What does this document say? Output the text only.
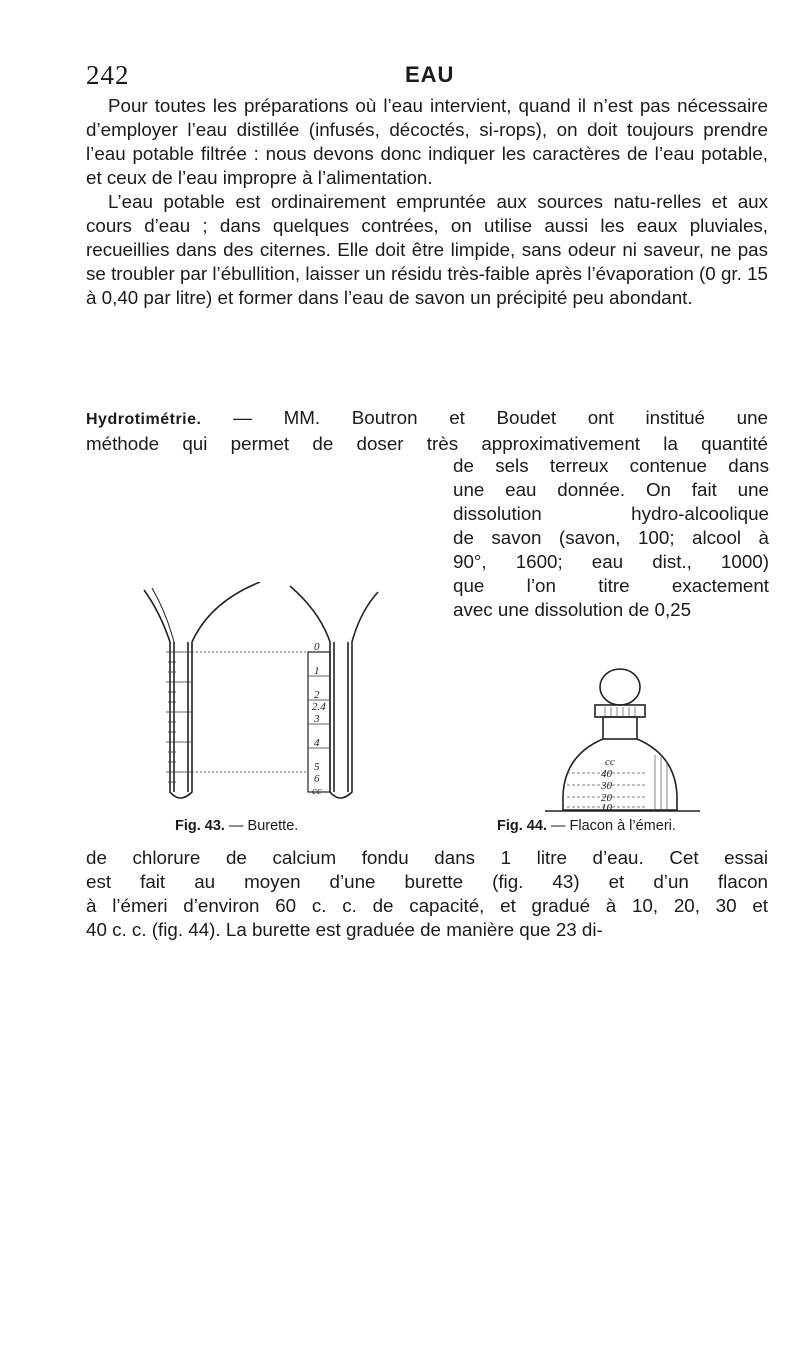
242	EAU

Pour toutes les préparations où l’eau intervient, quand il n’est pas nécessaire d’employer l’eau distillée (infusés, décoctés, si-rops), on doit toujours prendre l’eau potable filtrée : nous devons donc indiquer les caractères de l’eau potable, et ceux de l’eau impropre à l’alimentation.

L’eau potable est ordinairement empruntée aux sources natu-relles et aux cours d’eau ; dans quelques contrées, on utilise aussi les eaux pluviales, recueillies dans des citernes. Elle doit être limpide, sans odeur ni saveur, ne pas se troubler par l’ébullition, laisser un résidu très-faible après l’évaporation (0 gr. 15 à 0,40 par litre) et former dans l’eau de savon un précipité peu abondant.

Hydrotimétrie. — MM. Boutron et Boudet ont institué une
méthode qui permet de doser très approximativement la quantité
de sels terreux contenue dans
une eau donnée. On fait une
dissolution hydro-alcoolique
de savon (savon, 100; alcool à
90°, 1600; eau dist., 1000)
que l’on titre exactement
avec une dissolution de 0,25
0
1
2
2.4
3
4
5
6
cc
cc
40
30
20
10
Fig. 43. — Burette.	Fig. 44. — Flacon à l’émeri.
de chlorure de calcium fondu dans 1 litre d’eau. Cet essai
est fait au moyen d’une burette (fig. 43) et d’un flacon
à l’émeri d’environ 60 c. c. de capacité, et gradué à 10, 20, 30 et
40 c. c. (fig. 44). La burette est graduée de manière que 23 di-
